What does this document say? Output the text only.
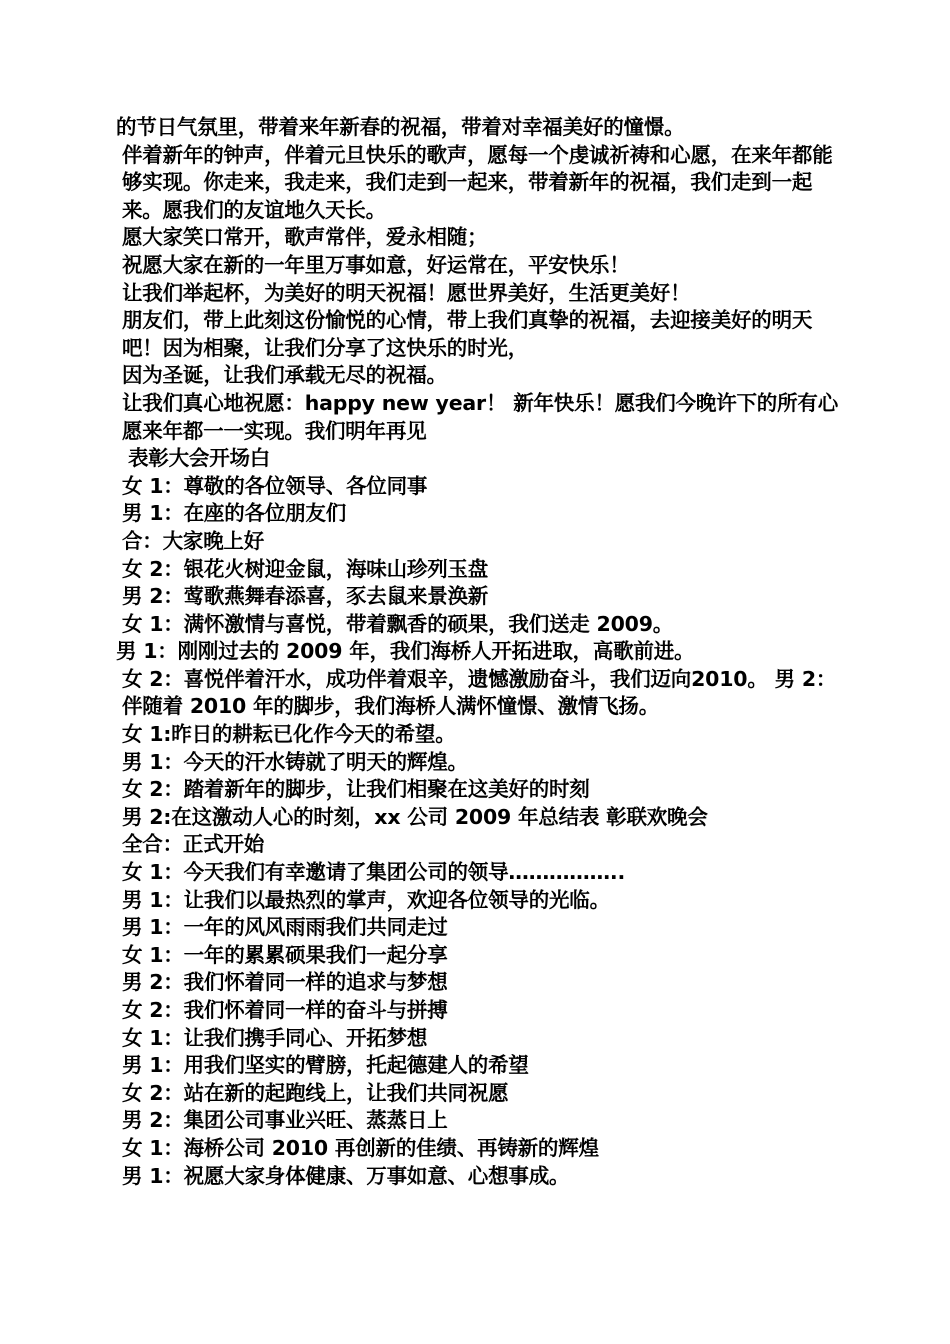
的节日气氛里，带着来年新春的祝福，带着对幸福美好的憧憬。

伴着新年的钟声，伴着元旦快乐的歌声，愿每一个虔诚祈祷和心愿，在来年都能够实现。你走来，我走来，我们走到一起来，带着新年的祝福，我们走到一起来。愿我们的友谊地久天长。

愿大家笑口常开，歌声常伴，爱永相随；

祝愿大家在新的一年里万事如意，好运常在，平安快乐！

让我们举起杯，为美好的明天祝福！愿世界美好，生活更美好！

朋友们，带上此刻这份愉悦的心情，带上我们真挚的祝福，去迎接美好的明天吧！因为相聚，让我们分享了这快乐的时光，

因为圣诞，让我们承载无尽的祝福。

让我们真心地祝愿：happy new year！ 新年快乐！愿我们今晚许下的所有心愿来年都一一实现。我们明年再见

表彰大会开场白

女 1：尊敬的各位领导、各位同事

男 1：在座的各位朋友们

合：大家晚上好

女 2：银花火树迎金鼠，海味山珍列玉盘

男 2：莺歌燕舞春添喜，豕去鼠来景涣新

女 1：满怀激情与喜悦，带着飘香的硕果，我们送走 2009。

男 1：刚刚过去的 2009 年，我们海桥人开拓进取，高歌前进。

女 2：喜悦伴着汗水，成功伴着艰辛，遗憾激励奋斗，我们迈向2010。 男 2：伴随着 2010 年的脚步，我们海桥人满怀憧憬、激情飞扬。

女 1:昨日的耕耘已化作今天的希望。

男 1：今天的汗水铸就了明天的辉煌。

女 2：踏着新年的脚步，让我们相聚在这美好的时刻

男 2:在这激动人心的时刻，xx 公司 2009 年总结表 彰联欢晚会

全合：正式开始

女 1：今天我们有幸邀请了集团公司的领导……………..

男 1：让我们以最热烈的掌声，欢迎各位领导的光临。

男 1：一年的风风雨雨我们共同走过

女 1：一年的累累硕果我们一起分享

男 2：我们怀着同一样的追求与梦想

女 2：我们怀着同一样的奋斗与拼搏

女 1：让我们携手同心、开拓梦想

男 1：用我们坚实的臂膀，托起德建人的希望

女 2：站在新的起跑线上，让我们共同祝愿

男 2：集团公司事业兴旺、蒸蒸日上

女 1：海桥公司 2010 再创新的佳绩、再铸新的辉煌

男 1：祝愿大家身体健康、万事如意、心想事成。
